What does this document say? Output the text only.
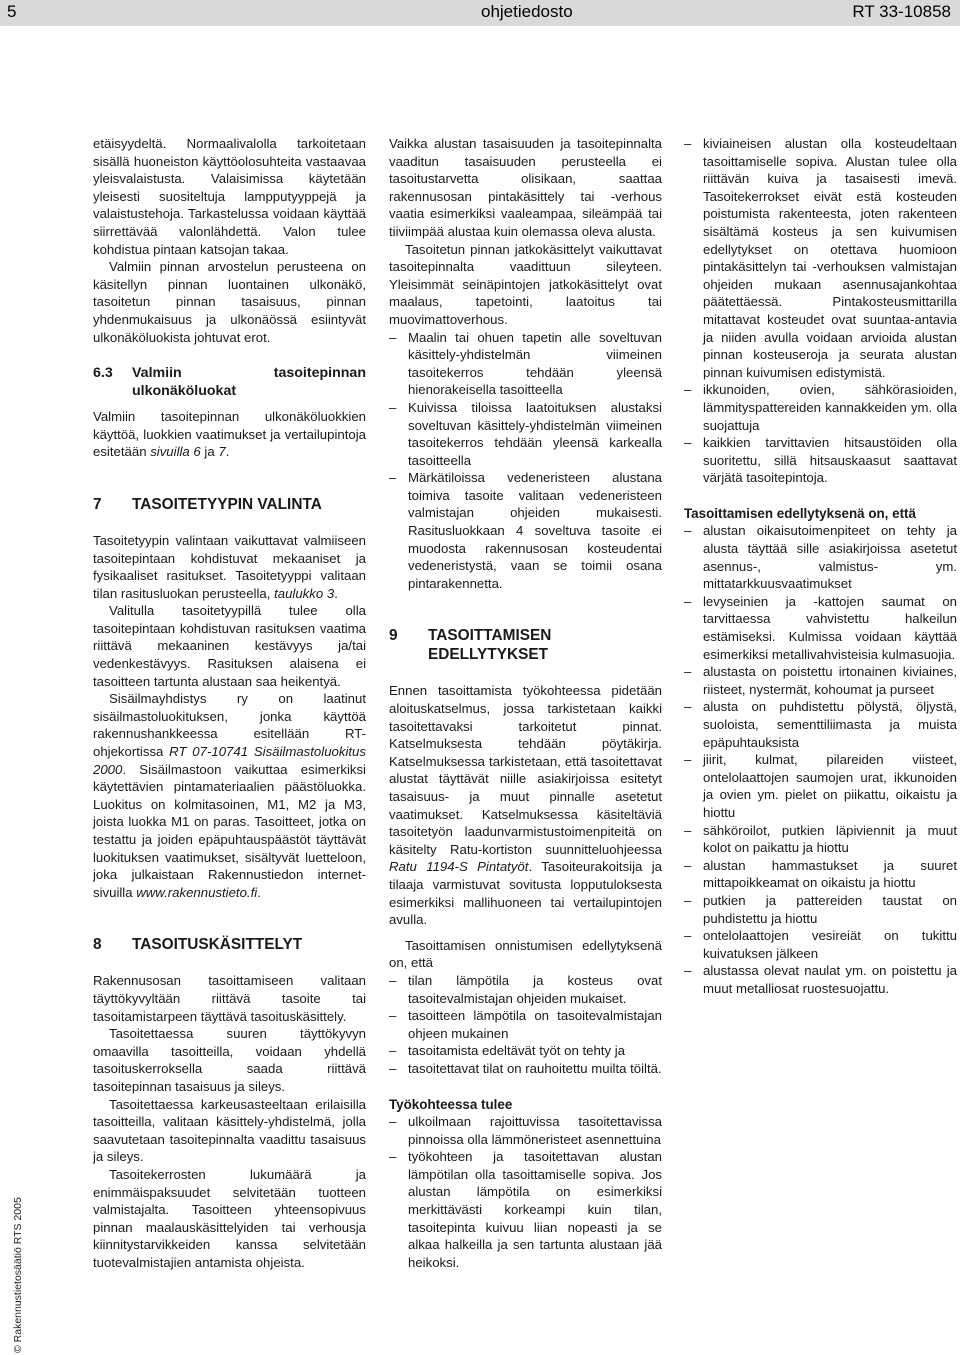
5	ohjetiedosto	RT 33-10858

etäisyydeltä. Normaalivalolla tarkoitetaan sisällä huoneiston käyttöolosuhteita vastaavaa yleisvalaistusta. Valaisimissa käytetään yleisesti suositeltuja lampputyyppejä ja valaistustehoja. Tarkastelussa voidaan käyttää siirrettävää valonlähdettä. Valon tulee kohdistua pintaan katsojan takaa.

Valmiin pinnan arvostelun perusteena on käsitellyn pinnan luontainen ulkonäkö, tasoitetun pinnan tasaisuus, pinnan yhdenmukaisuus ja ulkonäössä esiintyvät ulkonäköluokista johtuvat erot.

6.3	Valmiin tasoitepinnan ulkonäköluokat

Valmiin tasoitepinnan ulkonäköluokkien käyttöä, luokkien vaatimukset ja vertailupintoja esitetään sivuilla 6 ja 7.

7	TASOITETYYPIN VALINTA

Tasoitetyypin valintaan vaikuttavat valmiiseen tasoitepintaan kohdistuvat mekaaniset ja fysikaaliset rasitukset. Tasoitetyyppi valitaan tilan rasitusluokan perusteella, taulukko 3.

Valitulla tasoitetyypillä tulee olla tasoitepintaan kohdistuvan rasituksen vaatima riittävä mekaaninen kestävyys ja/tai vedenkestävyys. Rasituksen alaisena ei tasoitteen tartunta alustaan saa heikentyä.

Sisäilmayhdistys ry on laatinut sisäilmastoluokituksen, jonka käyttöä rakennushankkeessa esitellään RT-ohjekortissa RT 07-10741 Sisäilmastoluokitus 2000. Sisäilmastoon vaikuttaa esimerkiksi käytettävien pintamateriaalien päästöluokka. Luokitus on kolmitasoinen, M1, M2 ja M3, joista luokka M1 on paras. Tasoitteet, jotka on testattu ja joiden epäpuhtauspäästöt täyttävät luokituksen vaatimukset, sisältyvät luetteloon, joka julkaistaan Rakennustiedon internet-sivuilla www.rakennustieto.fi.

8	TASOITUSKÄSITTELYT

Rakennusosan tasoittamiseen valitaan täyttökyvyltään riittävä tasoite tai tasoitamistarpeen täyttävä tasoituskäsittely.

Tasoitettaessa suuren täyttökyvyn omaavilla tasoitteilla, voidaan yhdellä tasoituskerroksella saada riittävä tasoitepinnan tasaisuus ja sileys.

Tasoitettaessa karkeusasteeltaan erilaisilla tasoitteilla, valitaan käsittely-yhdistelmä, jolla saavutetaan tasoitepinnalta vaadittu tasaisuus ja sileys.

Tasoitekerrosten lukumäärä ja enimmäispaksuudet selvitetään tuotteen valmistajalta. Tasoitteen yhteensopivuus pinnan maalauskäsittelyiden tai verhousja kiinnitystarvikkeiden kanssa selvitetään tuotevalmistajien antamista ohjeista.

Vaikka alustan tasaisuuden ja tasoitepinnalta vaaditun tasaisuuden perusteella ei tasoitustarvetta olisikaan, saattaa rakennusosan pintakäsittely tai -verhous vaatia esimerkiksi vaaleampaa, sileämpää tai tiiviimpää alustaa kuin olemassa oleva alusta.

Tasoitetun pinnan jatkokäsittelyt vaikuttavat tasoitepinnalta vaadittuun sileyteen. Yleisimmät seinäpintojen jatkokäsittelyt ovat maalaus, tapetointi, laatoitus tai muovimattoverhous.

– Maalin tai ohuen tapetin alle soveltuvan käsittely-yhdistelmän viimeinen tasoitekerros tehdään yleensä hienorakeisella tasoitteella
– Kuivissa tiloissa laatoituksen alustaksi soveltuvan käsittely-yhdistelmän viimeinen tasoitekerros tehdään yleensä karkealla tasoitteella
– Märkätiloissa vedeneristeen alustana toimiva tasoite valitaan vedeneristeen valmistajan ohjeiden mukaisesti. Rasitusluokkaan 4 soveltuva tasoite ei muodosta rakennusosan kosteudentai vedeneristystä, vaan se toimii osana pintarakennetta.
9	TASOITTAMISEN EDELLYTYKSET

Ennen tasoittamista työkohteessa pidetään aloituskatselmus, jossa tarkistetaan kaikki tasoitettavaksi tarkoitetut pinnat. Katselmuksesta tehdään pöytäkirja. Katselmuksessa tarkistetaan, että tasoitettavat alustat täyttävät niille asiakirjoissa esitetyt tasaisuus- ja muut pinnalle asetetut vaatimukset. Katselmuksessa käsiteltäviä tasoitetyön laadunvarmistustoimenpiteitä on käsitelty Ratu-kortiston suunnitteluohjeessa Ratu 1194-S Pintatyöt. Tasoiteurakoitsija ja tilaaja varmistuvat sovitusta lopputuloksesta esimerkiksi mallihuoneen tai vertailupintojen avulla.

Tasoittamisen onnistumisen edellytyksenä on, että

– tilan lämpötila ja kosteus ovat tasoitevalmistajan ohjeiden mukaiset.
– tasoitteen lämpötila on tasoitevalmistajan ohjeen mukainen
– tasoitamista edeltävät työt on tehty ja
– tasoitettavat tilat on rauhoitettu muilta töiltä.

Työkohteessa tulee

– ulkoilmaan rajoittuvissa tasoitettavissa pinnoissa olla lämmöneristeet asennettuina
– työkohteen ja tasoitettavan alustan lämpötilan olla tasoittamiselle sopiva. Jos alustan lämpötila on esimerkiksi merkittävästi korkeampi kuin tilan, tasoitepinta kuivuu liian nopeasti ja se alkaa halkeilla ja sen tartunta alustaan jää heikoksi.
– kiviaineisen alustan olla kosteudeltaan tasoittamiselle sopiva. Alustan tulee olla riittävän kuiva ja tasaisesti imevä. Tasoitekerrokset eivät estä kosteuden poistumista rakenteesta, joten rakenteen sisältämä kosteus ja sen kuivumisen edellytykset on otettava huomioon pintakäsittelyn tai -verhouksen valmistajan ohjeiden mukaan asennusajankohtaa päätettäessä. Pintakosteusmittarilla mitattavat kosteudet ovat suuntaa-antavia ja niiden avulla voidaan arvioida alustan pinnan kosteuseroja ja seurata alustan pinnan kuivumisen edistymistä.
– ikkunoiden, ovien, sähkörasioiden, lämmityspattereiden kannakkeiden ym. olla suojattuja
– kaikkien tarvittavien hitsaustöiden olla suoritettu, sillä hitsauskaasut saattavat värjätä tasoitepintoja.

Tasoittamisen edellytyksenä on, että

– alustan oikaisutoimenpiteet on tehty ja alusta täyttää sille asiakirjoissa asetetut asennus-, valmistus- ym. mittatarkkuusvaatimukset
– levyseinien ja -kattojen saumat on tarvittaessa vahvistettu halkeilun estämiseksi. Kulmissa voidaan käyttää esimerkiksi metallivahvisteisia kulmasuojia.
– alustasta on poistettu irtonainen kiviaines, riisteet, nystermät, kohoumat ja purseet
– alusta on puhdistettu pölystä, öljystä, suoloista, sementtiliimasta ja muista epäpuhtauksista
– jiirit, kulmat, pilareiden viisteet, ontelolaattojen saumojen urat, ikkunoiden ja ovien ym. pielet on piikattu, oikaistu ja hiottu
– sähköroilot, putkien läpiviennit ja muut kolot on paikattu ja hiottu
– alustan hammastukset ja suuret mittapoikkeamat on oikaistu ja hiottu
– putkien ja pattereiden taustat on puhdistettu ja hiottu
– ontelolaattojen vesireiät on tukittu kuivatuksen jälkeen
– alustassa olevat naulat ym. on poistettu ja muut metalliosat ruostesuojattu.
© Rakennustietosäätiö RTS 2005
